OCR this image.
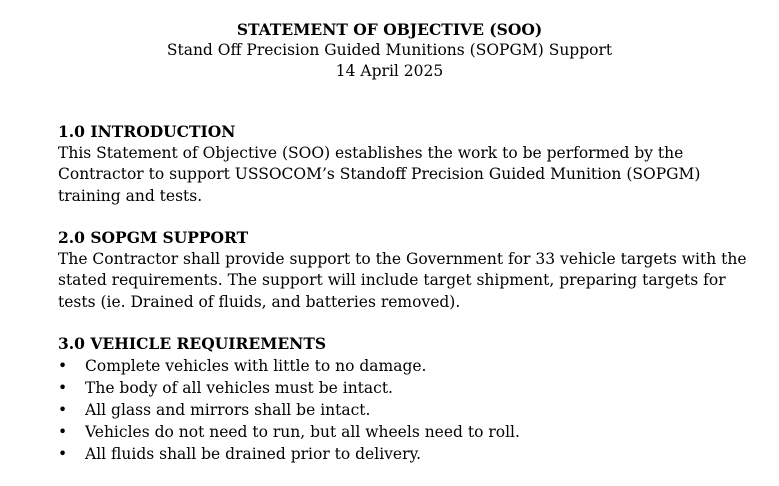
STATEMENT OF OBJECTIVE (SOO)
Stand Off Precision Guided Munitions (SOPGM) Support
14 April 2025
1.0 INTRODUCTION

This Statement of Objective (SOO) establishes the work to be performed by the Contractor to support USSOCOM’s Standoff Precision Guided Munition (SOPGM) training and tests.

2.0 SOPGM SUPPORT

The Contractor shall provide support to the Government for 33 vehicle targets with the stated requirements. The support will include target shipment, preparing targets for tests (ie. Drained of fluids, and batteries removed).

3.0 VEHICLE REQUIREMENTS
• Complete vehicles with little to no damage.
• The body of all vehicles must be intact.
• All glass and mirrors shall be intact.
• Vehicles do not need to run, but all wheels need to roll.
• All fluids shall be drained prior to delivery.
